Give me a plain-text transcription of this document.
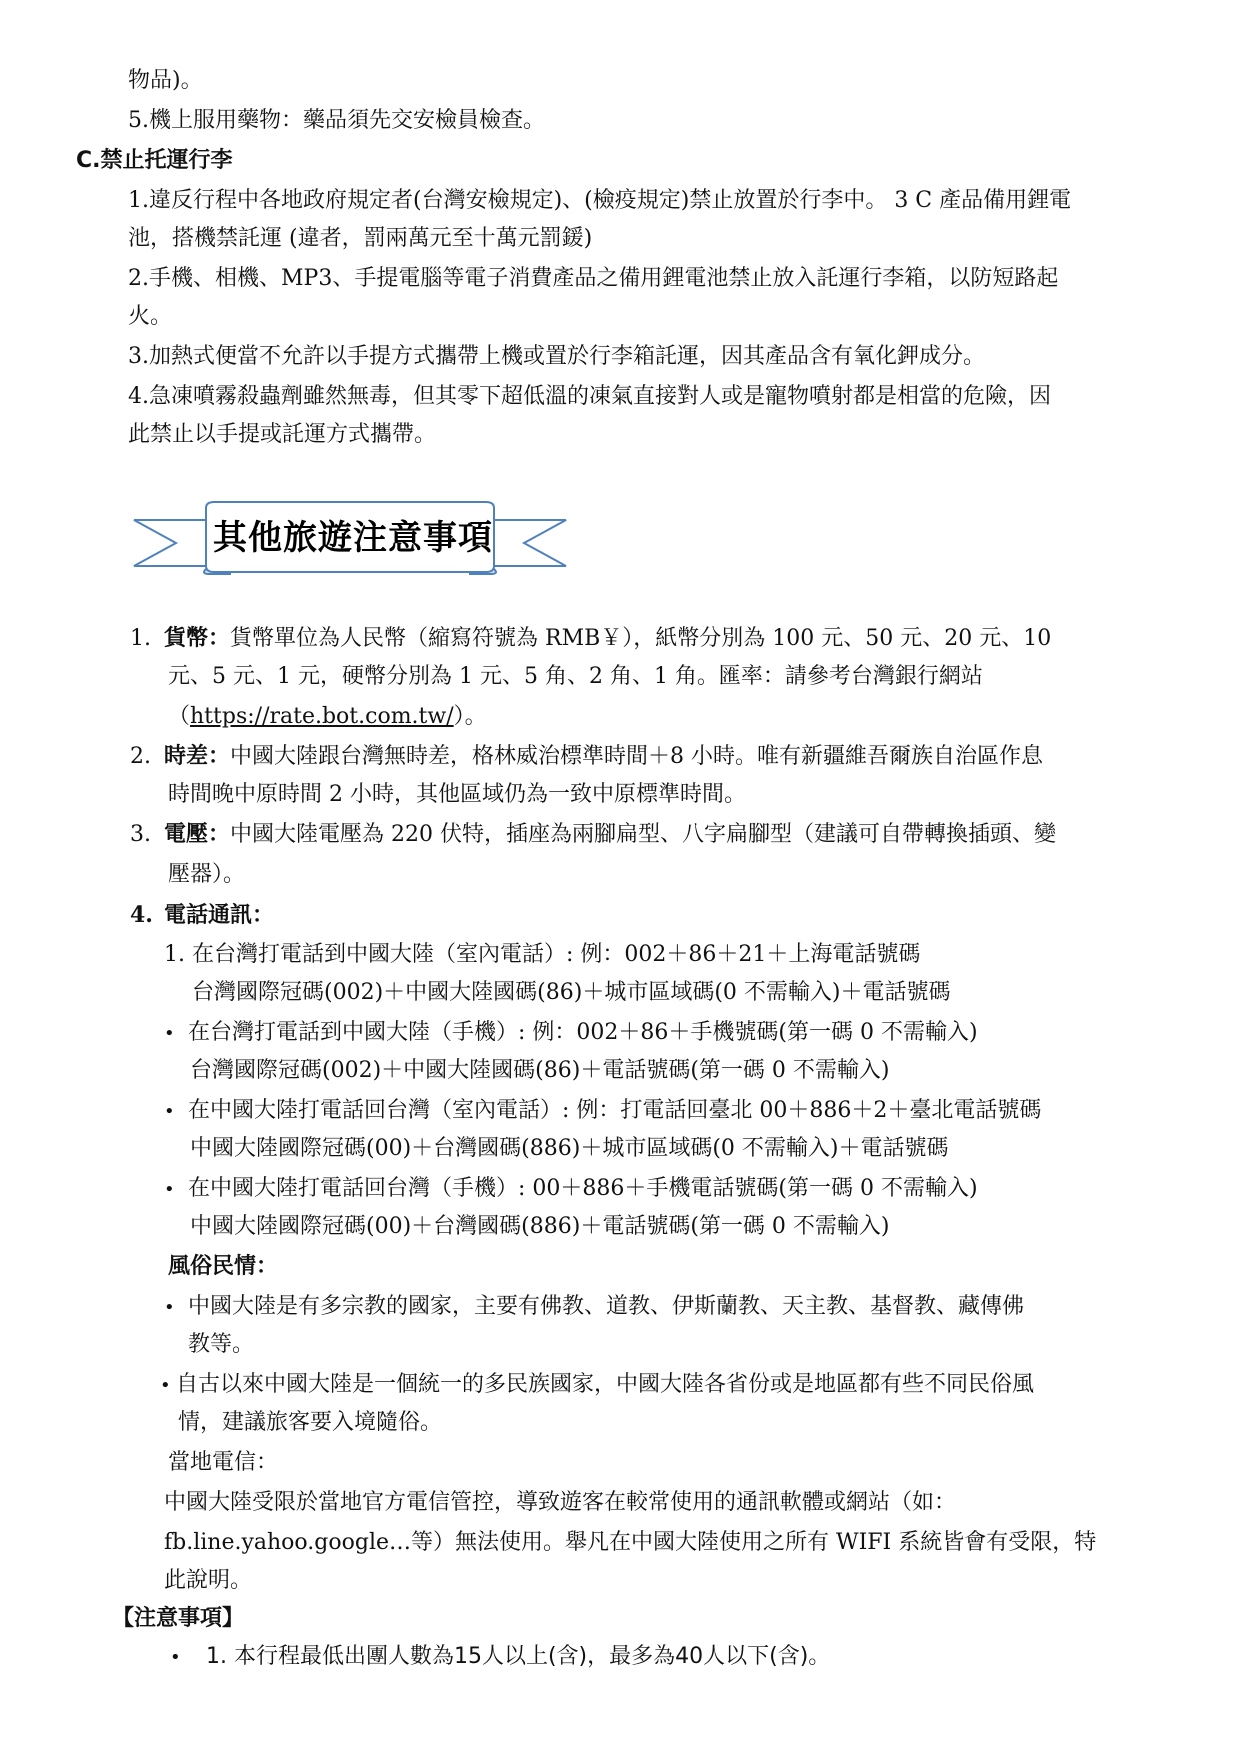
物品)。
5.機上服用藥物：藥品須先交安檢員檢查。
C.禁止托運行李
1.違反行程中各地政府規定者(台灣安檢規定)、(檢疫規定)禁止放置於行李中。 3 C 產品備用鋰電
池，搭機禁託運 (違者，罰兩萬元至十萬元罰鍰)
2.手機、相機、MP3、手提電腦等電子消費產品之備用鋰電池禁止放入託運行李箱，以防短路起
火。
3.加熱式便當不允許以手提方式攜帶上機或置於行李箱託運，因其產品含有氧化鉀成分。
4.急凍噴霧殺蟲劑雖然無毒，但其零下超低溫的凍氣直接對人或是寵物噴射都是相當的危險，因
此禁止以手提或託運方式攜帶。
其他旅遊注意事項
1. 貨幣：貨幣單位為人民幣（縮寫符號為 RMB￥），紙幣分別為 100 元、50 元、20 元、10
元、5 元、1 元，硬幣分別為 1 元、5 角、2 角、1 角。匯率：請參考台灣銀行網站
（https://rate.bot.com.tw/）。
2. 時差：中國大陸跟台灣無時差，格林威治標準時間＋8 小時。唯有新疆維吾爾族自治區作息
時間晚中原時間 2 小時，其他區域仍為一致中原標準時間。
3. 電壓：中國大陸電壓為 220 伏特，插座為兩腳扁型、八字扁腳型（建議可自帶轉換插頭、變
壓器）。
4. 電話通訊：
1. 在台灣打電話到中國大陸（室內電話）: 例：002＋86＋21＋上海電話號碼
台灣國際冠碼(002)＋中國大陸國碼(86)＋城市區域碼(0 不需輸入)＋電話號碼
• 在台灣打電話到中國大陸（手機）: 例：002＋86＋手機號碼(第一碼 0 不需輸入)
台灣國際冠碼(002)＋中國大陸國碼(86)＋電話號碼(第一碼 0 不需輸入)
• 在中國大陸打電話回台灣（室內電話）: 例：打電話回臺北 00＋886＋2＋臺北電話號碼
中國大陸國際冠碼(00)＋台灣國碼(886)＋城市區域碼(0 不需輸入)＋電話號碼
• 在中國大陸打電話回台灣（手機）: 00＋886＋手機電話號碼(第一碼 0 不需輸入)
中國大陸國際冠碼(00)＋台灣國碼(886)＋電話號碼(第一碼 0 不需輸入)
風俗民情：
• 中國大陸是有多宗教的國家，主要有佛教、道教、伊斯蘭教、天主教、基督教、藏傳佛
教等。
• 自古以來中國大陸是一個統一的多民族國家，中國大陸各省份或是地區都有些不同民俗風
情，建議旅客要入境隨俗。
當地電信：
中國大陸受限於當地官方電信管控，導致遊客在較常使用的通訊軟體或網站（如：
fb.line.yahoo.google…等）無法使用。舉凡在中國大陸使用之所有 WIFI 系統皆會有受限，特
此說明。
【注意事項】
• 1. 本行程最低出團人數為15人以上(含)，最多為40人以下(含)。
